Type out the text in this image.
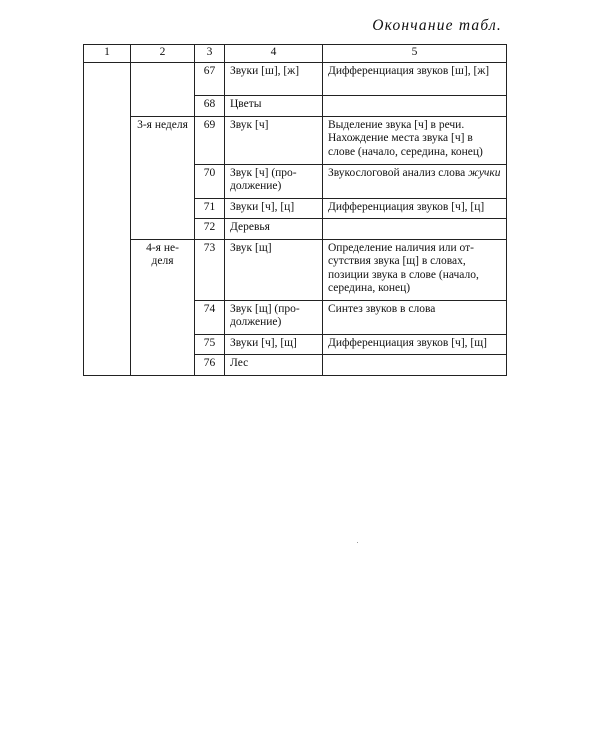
Окончание табл.
1	2	3	4	5
		67	Звуки [ш], [ж]	Дифференциация звуков [ш], [ж]
		68	Цветы	
	3-я неделя	69	Звук [ч]	Выделение звука [ч] в речи. Нахождение места звука [ч] в слове (начало, середина, конец)
		70	Звук [ч] (про-должение)	Звукослоговой анализ слова жучки
		71	Звуки [ч], [ц]	Дифференциация звуков [ч], [ц]
		72	Деревья	
	4-я не-деля	73	Звук [щ]	Определение наличия или от-сутствия звука [щ] в словах, позиции звука в слове (начало, середина, конец)
		74	Звук [щ] (про-должение)	Синтез звуков в слова
		75	Звуки [ч], [щ]	Дифференциация звуков [ч], [щ]
		76	Лес	
